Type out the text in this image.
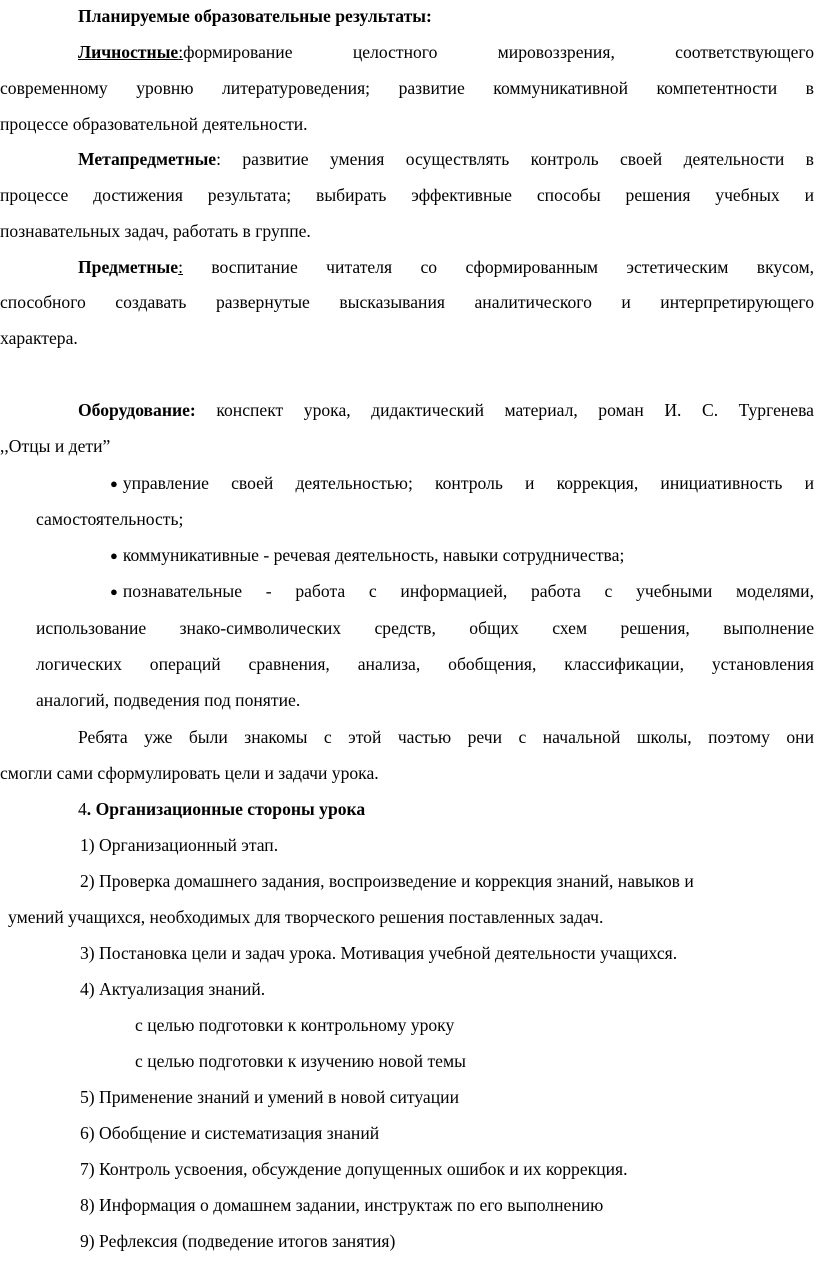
Планируемые образовательные результаты:
Личностные:формирование целостного мировоззрения, соответствующего
современному уровню литературоведения; развитие коммуникативной компетентности в
процессе образовательной деятельности.
Метапредметные: развитие умения осуществлять контроль своей деятельности в
процессе достижения результата; выбирать эффективные способы решения учебных и
познавательных задач, работать в группе.
Предметные: воспитание читателя со сформированным эстетическим вкусом,
способного создавать развернутые высказывания аналитического и интерпретирующего
характера.
Оборудование: конспект урока, дидактический материал, роман И. С. Тургенева
,,Отцы и дети”
● управление своей деятельностью; контроль и коррекция, инициативность и
самостоятельность;
● коммуникативные - речевая деятельность, навыки сотрудничества;
● познавательные - работа с информацией, работа с учебными моделями,
использование знако-символических средств, общих схем решения, выполнение
логических операций сравнения, анализа, обобщения, классификации, установления
аналогий, подведения под понятие.
Ребята уже были знакомы с этой частью речи с начальной школы, поэтому они
смогли сами сформулировать цели и задачи урока.
4. Организационные стороны урока
1) Организационный этап.
2) Проверка домашнего задания, воспроизведение и коррекция знаний, навыков и
умений учащихся, необходимых для творческого решения поставленных задач.
3) Постановка цели и задач урока. Мотивация учебной деятельности учащихся.
4) Актуализация знаний.
с целью подготовки к контрольному уроку
с целью подготовки к изучению новой темы
5) Применение знаний и умений в новой ситуации
6) Обобщение и систематизация знаний
7) Контроль усвоения, обсуждение допущенных ошибок и их коррекция.
8) Информация о домашнем задании, инструктаж по его выполнению
9) Рефлексия (подведение итогов занятия)
